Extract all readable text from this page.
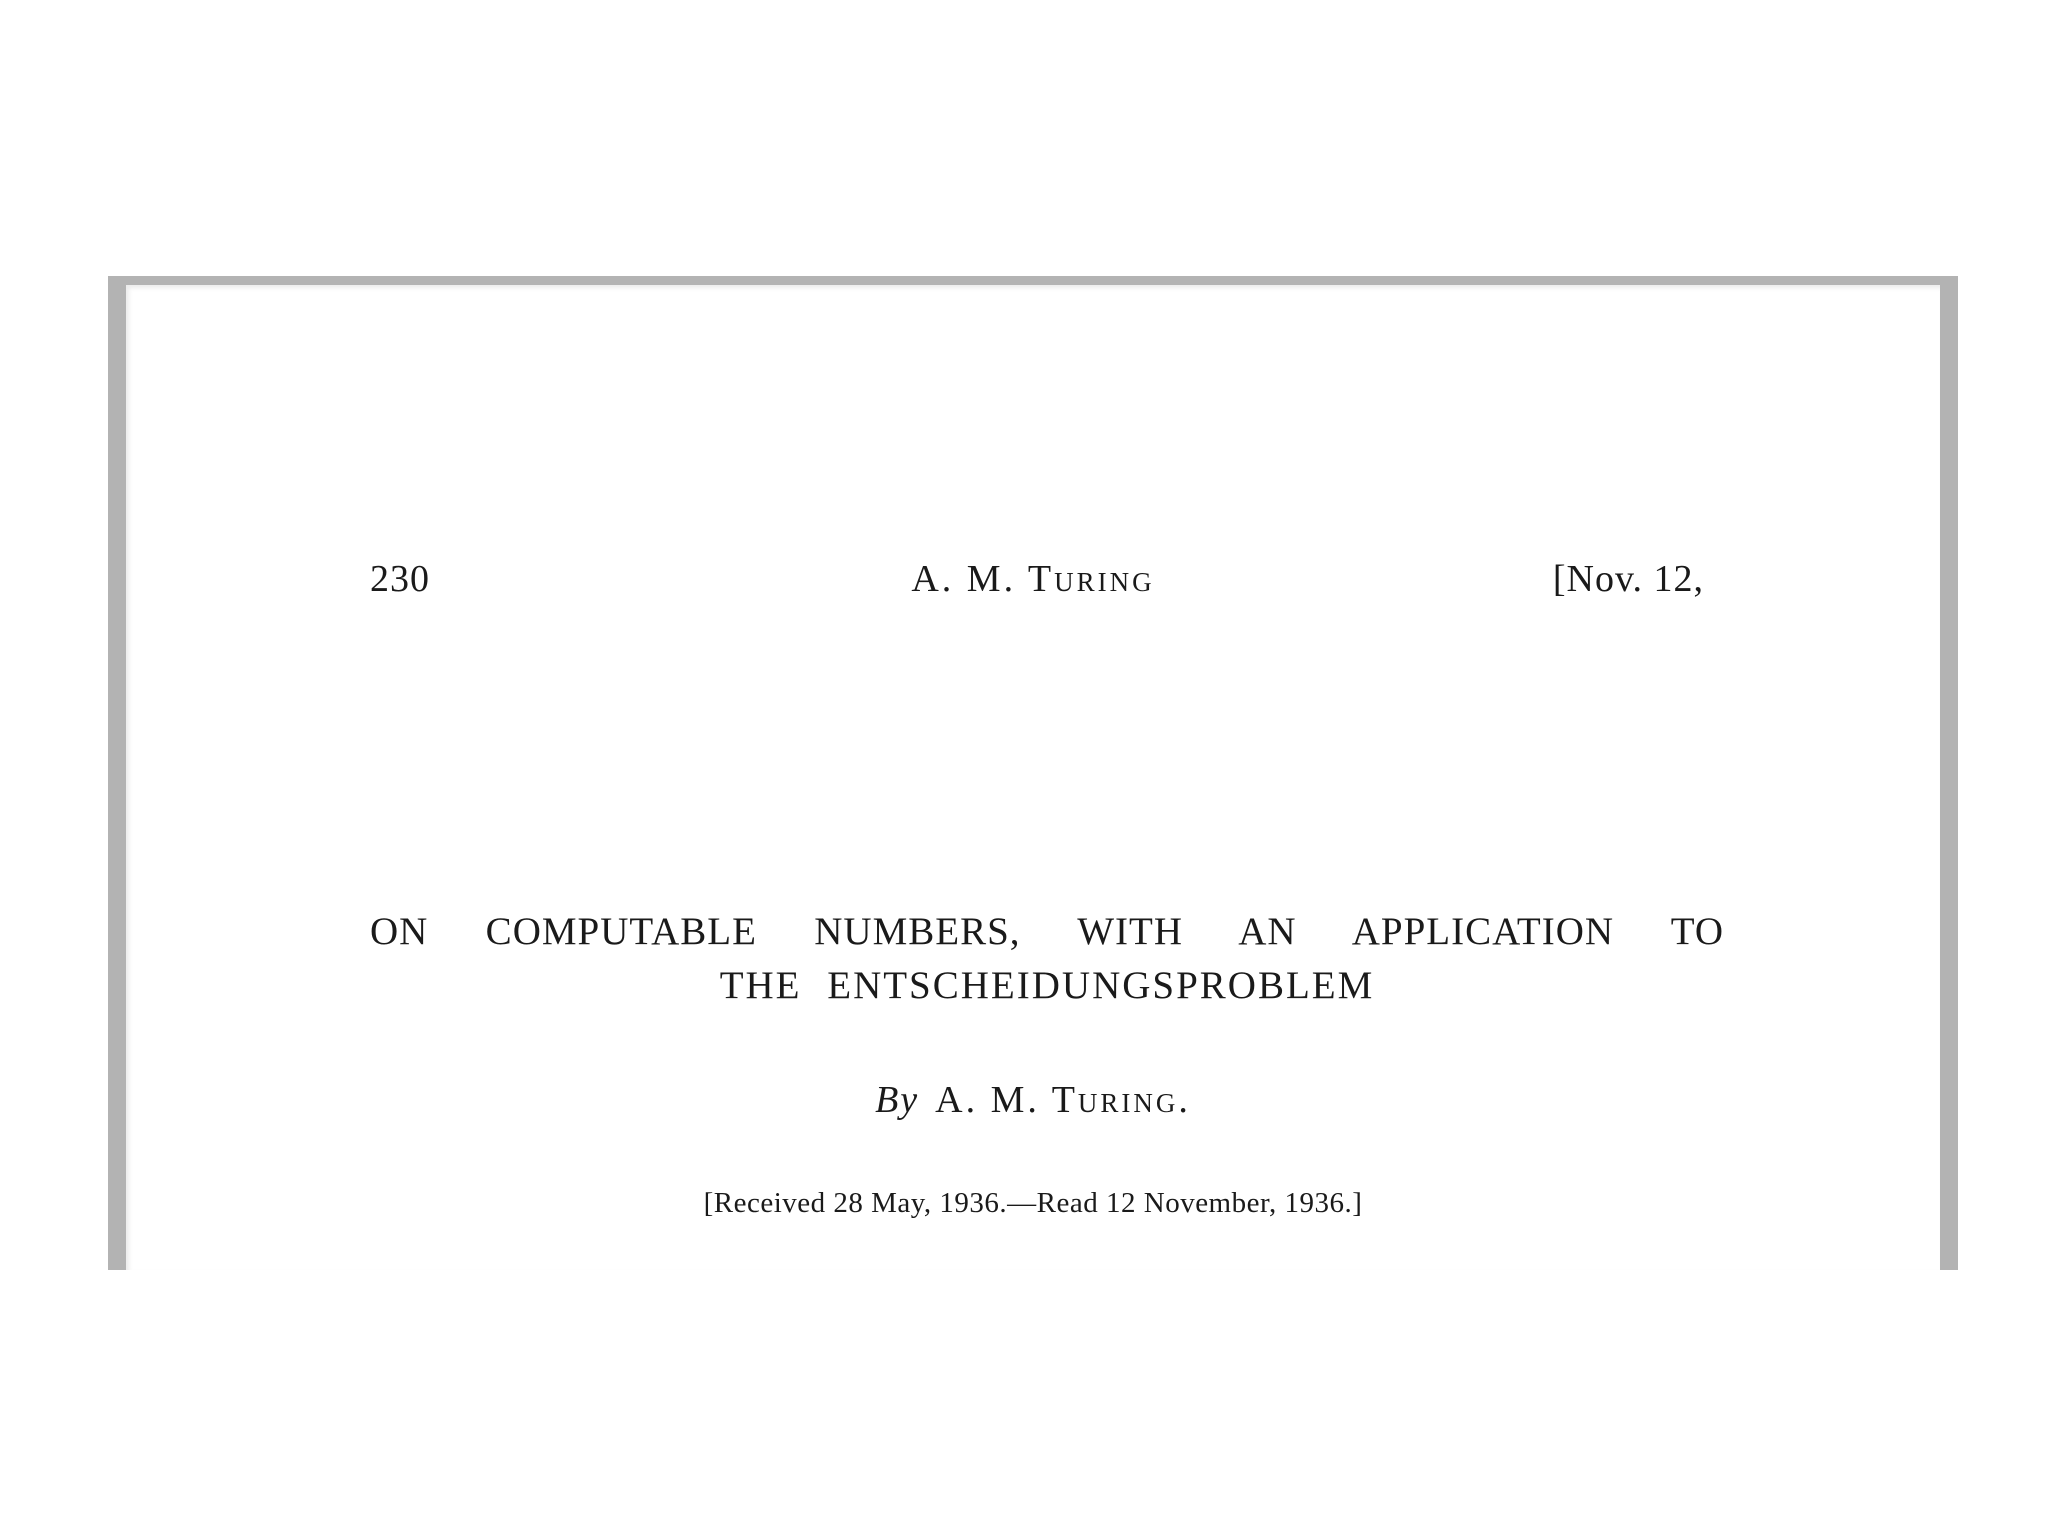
230	A. M. Turing	[Nov. 12,
ON COMPUTABLE NUMBERS, WITH AN APPLICATION TO
THE ENTSCHEIDUNGSPROBLEM
By A. M. Turing.
[Received 28 May, 1936.—Read 12 November, 1936.]
